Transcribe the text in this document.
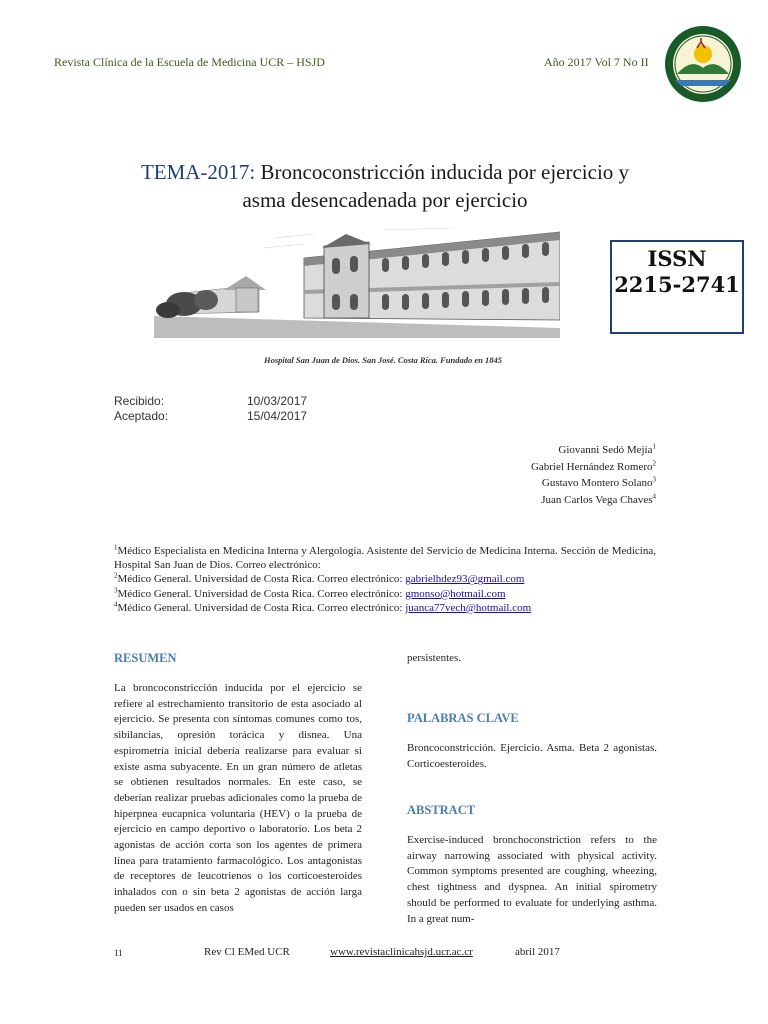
Revista Clínica de la Escuela de Medicina UCR – HSJD	Año 2017 Vol 7 No II
TEMA-2017: Broncoconstricción inducida por ejercicio y
asma desencadenada por ejercicio
ISSN
2215-2741
Hospital San Juan de Dios. San José. Costa Rica. Fundado en 1845
Recibido:	10/03/2017
Aceptado:	15/04/2017
Giovanni Sedó Mejía$^1$
Gabriel Hernández Romero$^2$
Gustavo Montero Solano$^3$
Juan Carlos Vega Chaves$^4$
$^1$Médico Especialista en Medicina Interna y Alergología. Asistente del Servicio de Medicina Interna. Sección de Medicina, Hospital San Juan de Dios. Correo electrónico:
$^2$Médico General. Universidad de Costa Rica. Correo electrónico: gabrielhdez93@gmail.com
$^3$Médico General. Universidad de Costa Rica. Correo electrónico: gmonso@hotmail.com
$^4$Médico General. Universidad de Costa Rica. Correo electrónico: juanca77vech@hotmail.com
RESUMEN
La broncoconstricción inducida por el ejercicio se refiere al estrechamiento transitorio de esta asociado al ejercicio. Se presenta con síntomas comunes como tos, sibilancias, opresión torácica y disnea. Una espirometría inicial debería realizarse para evaluar si existe asma subyacente. En un gran número de atletas se obtienen resultados normales. En este caso, se deberían realizar pruebas adicionales como la prueba de hiperpnea eucapnica voluntaria (HEV) o la prueba de ejercicio en campo deportivo o laboratorio. Los beta 2 agonistas de acción corta son los agentes de primera línea para tratamiento farmacológico. Los antagonistas de receptores de leucotrienos o los corticoesteroides inhalados con o sin beta 2 agonistas de acción larga pueden ser usados en casos
persistentes.
PALABRAS CLAVE
Broncoconstricción. Ejercicio. Asma. Beta 2 agonistas. Corticoesteroides.
ABSTRACT
Exercise-induced bronchoconstriction refers to the airway narrowing associated with physical activity. Common symptoms presented are coughing, wheezing, chest tightness and dyspnea. An initial spirometry should be performed to evaluate for underlying asthma. In a great num-
11	Rev Cl EMed UCR	www.revistaclinicahsjd.ucr.ac.cr	abril 2017
